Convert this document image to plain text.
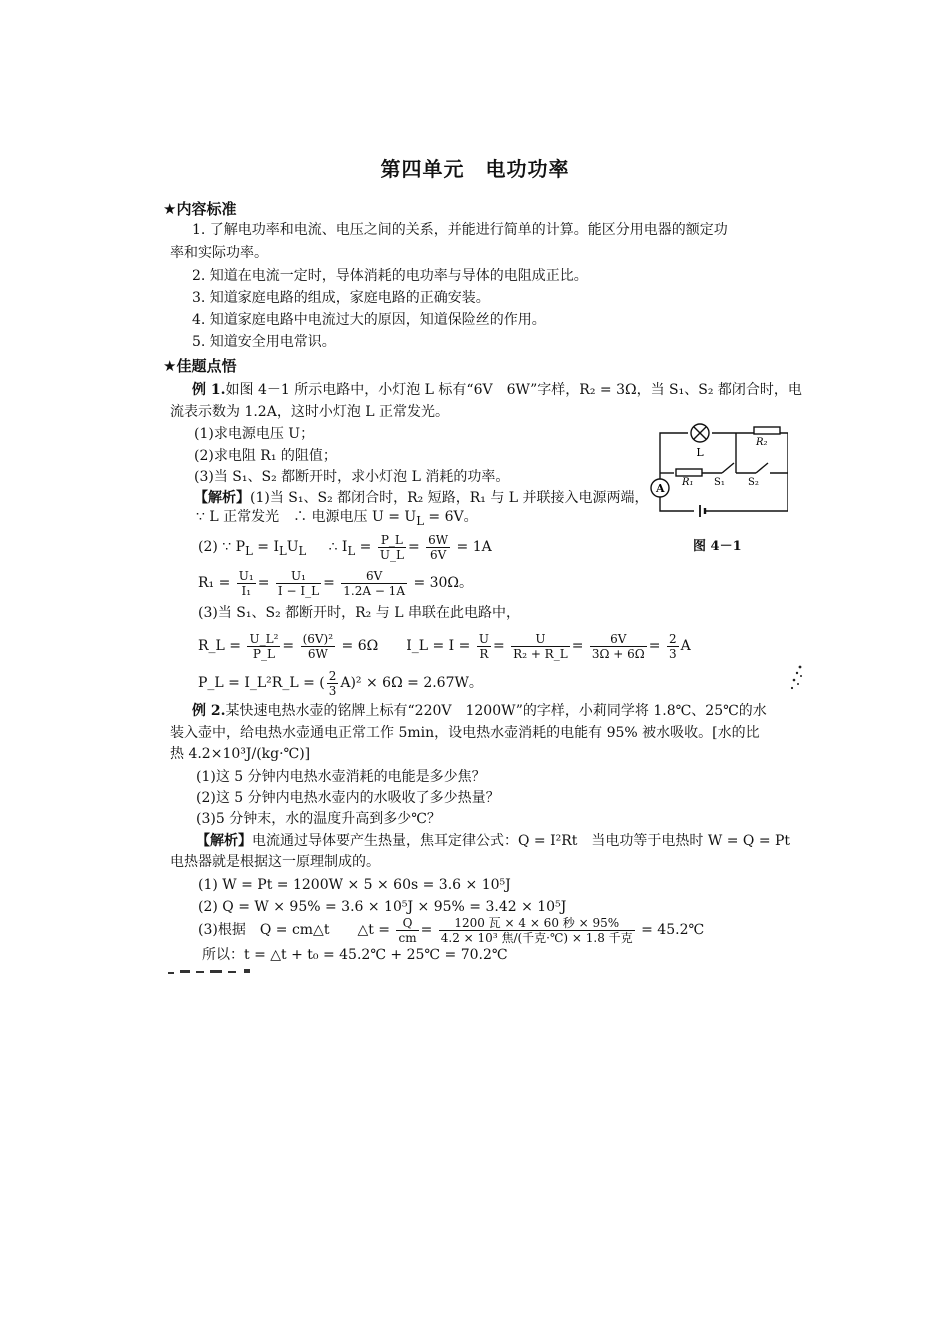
第四单元　电功功率
★内容标准
1. 了解电功率和电流、电压之间的关系，并能进行简单的计算。能区分用电器的额定功
率和实际功率。
2. 知道在电流一定时，导体消耗的电功率与导体的电阻成正比。
3. 知道家庭电路的组成，家庭电路的正确安装。
4. 知道家庭电路中电流过大的原因，知道保险丝的作用。
5. 知道安全用电常识。
★佳题点悟
例 1.如图 4－1 所示电路中，小灯泡 L 标有“6V　6W”字样，R₂ = 3Ω，当 S₁、S₂ 都闭合时，电
流表示数为 1.2A，这时小灯泡 L 正常发光。
(1)求电源电压 U；
(2)求电阻 R₁ 的阻值；
(3)当 S₁、S₂ 都断开时，求小灯泡 L 消耗的功率。
【解析】(1)当 S₁、S₂ 都闭合时，R₂ 短路，R₁ 与 L 并联接入电源两端，
∵ L 正常发光　∴ 电源电压 $U = U_L = 6V$。
(2) ∵ $P_L = I_LU_L$ ∴ $I_L = \frac{P\_L}{U\_L} = \frac{6W}{6V} = 1A$
$R_1 = \frac{\text{U₁}}{\text{I₁}} = \frac{\text{U₁}}{I - I\_L} = \frac{6V}{1.2A - 1A} = 30\Omega$。
(3)当 S₁、S₂ 都断开时，R₂ 与 L 串联在此电路中，
R_L = $\frac{\text{U\_L²}}{P\_L} = \frac{\text{(6V)²}}{6W} = 6\Omega$　　I_L = $I = \frac{U}{R} = \frac{U}{\text{R₂ + R\_L}} = \frac{6V}{3\Omega + 6\Omega} = \frac{2}{3}$ A
P_L = I_L²R_L = ( $\frac{2}{3} A)^2 \times 6\Omega = 2.67W$。
A
L
R₂
R₁ S₁ S₂
图 4－1
例 2.某快速电热水壶的铭牌上标有“220V　1200W”的字样，小莉同学将 1.8℃、25℃的水
装入壶中，给电热水壶通电正常工作 5min，设电热水壶消耗的电能有 95% 被水吸收。[水的比
热 4.2×10³J/(kg·℃)]
(1)这 5 分钟内电热水壶消耗的电能是多少焦？
(2)这 5 分钟内电热水壶内的水吸收了多少热量？
(3)5 分钟末，水的温度升高到多少℃？
【解析】电流通过导体要产生热量，焦耳定律公式：Q = I²Rt　当电功等于电热时 W = Q = Pt
电热器就是根据这一原理制成的。
(1) W = Pt = 1200W × 5 × 60s = 3.6 × 10⁵J
(2) Q = W × 95% = 3.6 × 10⁵J × 95% = 3.42 × 10⁵J
(3)根据　Q = cm△t　　△t = $\frac{Q}{cm} = \frac{\text{1200 瓦 × 4 × 60 秒 × 95\%}}{\text{4.2 × 10³ 焦/(千克·℃) × 1.8 千克}}$ = 45.2℃
所以：t = △t + t₀ = 45.2℃ + 25℃ = 70.2℃
